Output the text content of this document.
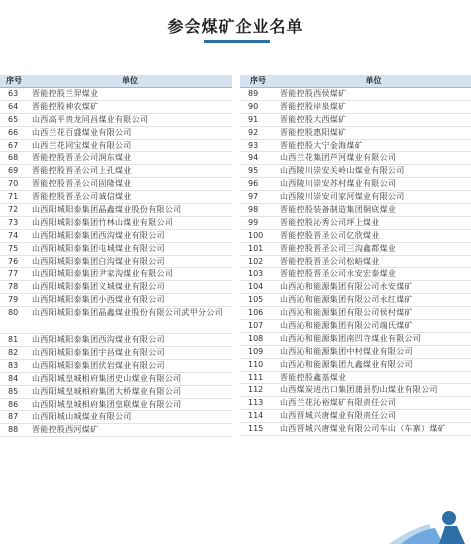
参会煤矿企业名单
序号	单位
63	晋能控股兰羿煤业
64	晋能控股神农煤矿
65	山西高平贵龙同昌煤业有限公司
66	山西兰花百盛煤业有限公司
67	山西兰花同宝煤业有限公司
68	晋能控股晋圣公司润东煤业
69	晋能控股晋圣公司上孔煤业
70	晋能控股晋圣公司固隆煤业
71	晋能控股晋圣公司诚信煤业
72	山西阳城阳泰集团晶鑫煤业股份有限公司
73	山西阳城阳泰集团竹林山煤业有限公司
74	山西阳城阳泰集团西沟煤业有限公司
75	山西阳城阳泰集团屯城煤业有限公司
76	山西阳城阳泰集团白沟煤业有限公司
77	山西阳城阳泰集团尹家沟煤业有限公司
78	山西阳城阳泰集团义城煤业有限公司
79	山西阳城阳泰集团小西煤业有限公司
80	山西阳城阳泰集团晶鑫煤业股份有限公司武甲分公司
81	山西阳城阳泰集团西沟煤业有限公司
82	山西阳城阳泰集团宇昌煤业有限公司
83	山西阳城阳泰集团伏岩煤业有限公司
84	山西阳城皇城相府集团史山煤业有限公司
85	山西阳城皇城相府集团大桥煤业有限公司
86	山西阳城皇城相府集团皇联煤业有限公司
87	山西阳城山城煤业有限公司
88	晋能控股西河煤矿
序号	单位
89	晋能控股西侯煤矿
90	晋能控股岸泉煤矿
91	晋能控股大西煤矿
92	晋能控股惠阳煤矿
93	晋能控股大宁金海煤矿
94	山西兰花集团芦河煤业有限公司
95	山西陵川崇安关岭山煤业有限公司
96	山西陵川崇安苏村煤业有限公司
97	山西陵川崇安司家河煤业有限公司
98	晋能控股装备制造集团铜底煤业
99	晋能控股沁秀公司坪上煤业
100	晋能控股晋圣公司亿欣煤业
101	晋能控股晋圣公司三沟鑫都煤业
102	晋能控股晋圣公司松峪煤业
103	晋能控股晋圣公司永安宏泰煤业
104	山西沁和能源集团有限公司永安煤矿
105	山西沁和能源集团有限公司永红煤矿
106	山西沁和能源集团有限公司侯村煤矿
107	山西沁和能源集团有限公司端氏煤矿
108	山西沁和能源集团南凹寺煤业有限公司
109	山西沁和能源集团中村煤业有限公司
110	山西沁和能源集团九鑫煤业有限公司
111	晋能控股鑫基煤业
112	山西煤炭进出口集团蒲县豹山煤业有限公司
113	山西兰花沁裕煤矿有限责任公司
114	山西晋城兴唐煤业有限责任公司
115	山西晋城兴唐煤业有限公司车山（车寨）煤矿
